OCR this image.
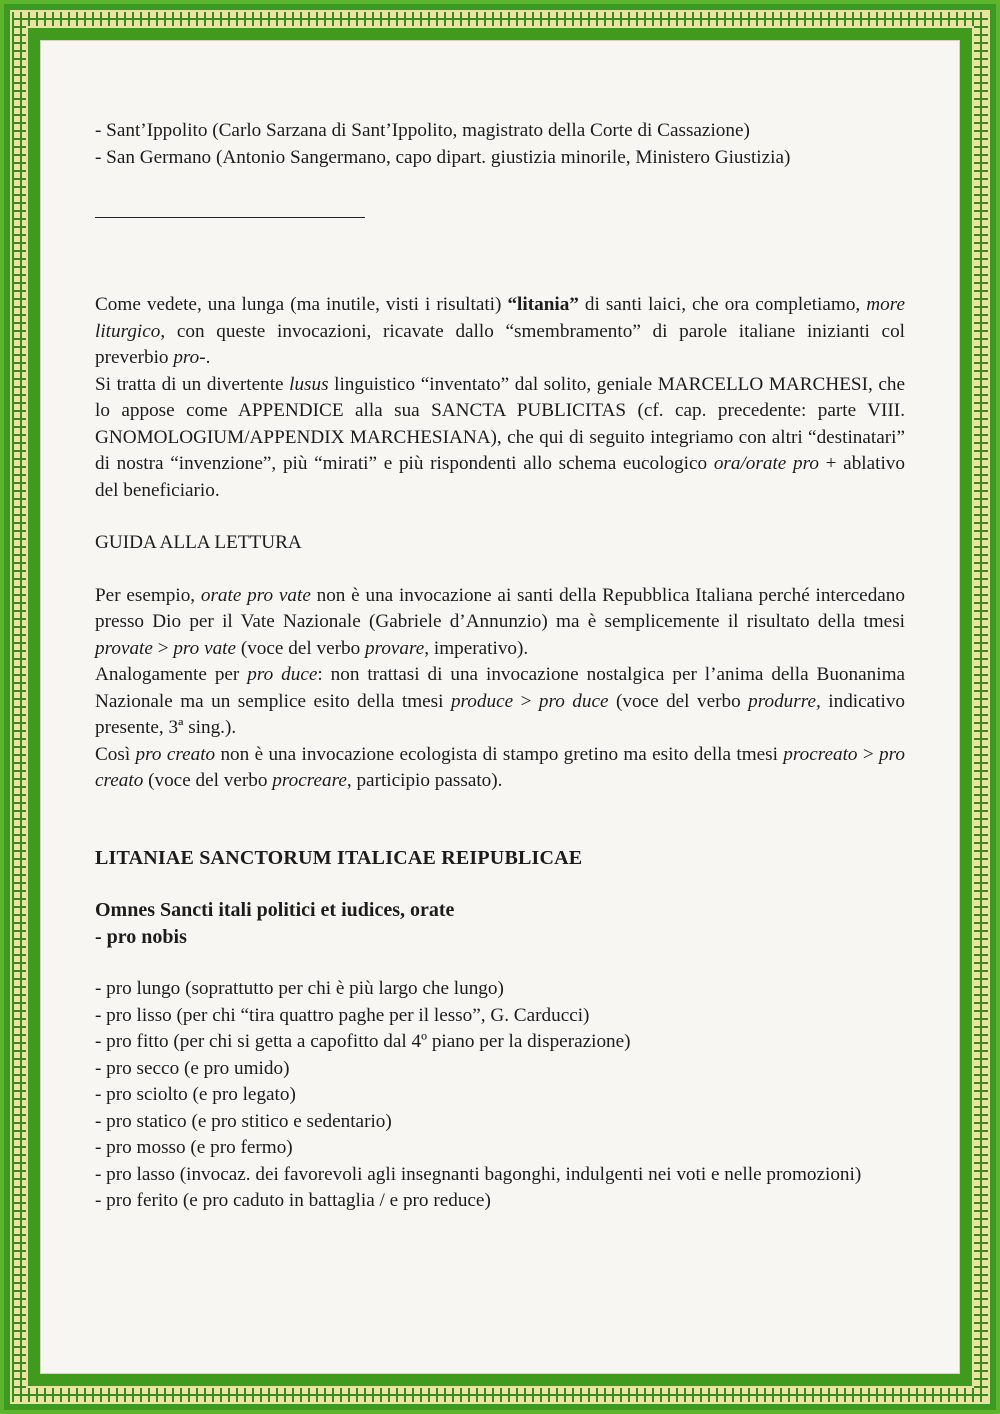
- Sant’Ippolito (Carlo Sarzana di Sant’Ippolito, magistrato della Corte di Cassazione)

- San Germano (Antonio Sangermano, capo dipart. giustizia minorile, Ministero Giustizia)

Come vedete, una lunga (ma inutile, visti i risultati) “litania” di santi laici, che ora completiamo, more liturgico, con queste invocazioni, ricavate dallo “smembramento” di parole italiane inizianti col preverbio pro-.

Si tratta di un divertente lusus linguistico “inventato” dal solito, geniale MARCELLO MARCHESI, che lo appose come APPENDICE alla sua SANCTA PUBLICITAS (cf. cap. precedente: parte VIII. GNOMOLOGIUM/APPENDIX MARCHESIANA), che qui di seguito integriamo con altri “destinatari” di nostra “invenzione”, più “mirati” e più rispondenti allo schema eucologico ora/orate pro + ablativo del beneficiario.

GUIDA ALLA LETTURA

Per esempio, orate pro vate non è una invocazione ai santi della Repubblica Italiana perché intercedano presso Dio per il Vate Nazionale (Gabriele d’Annunzio) ma è semplicemente il risultato della tmesi provate > pro vate (voce del verbo provare, imperativo).

Analogamente per pro duce: non trattasi di una invocazione nostalgica per l’anima della Buonanima Nazionale ma un semplice esito della tmesi produce > pro duce (voce del verbo produrre, indicativo presente, 3ª sing.).

Così pro creato non è una invocazione ecologista di stampo gretino ma esito della tmesi procreato > pro creato (voce del verbo procreare, participio passato).

LITANIAE SANCTORUM ITALICAE REIPUBLICAE

Omnes Sancti itali politici et iudices, orate

- pro nobis

- pro lungo (soprattutto per chi è più largo che lungo)

- pro lisso (per chi “tira quattro paghe per il lesso”, G. Carducci)

- pro fitto (per chi si getta a capofitto dal 4º piano per la disperazione)

- pro secco (e pro umido)

- pro sciolto (e pro legato)

- pro statico (e pro stitico e sedentario)

- pro mosso (e pro fermo)

- pro lasso (invocaz. dei favorevoli agli insegnanti bagonghi, indulgenti nei voti e nelle promozioni)

- pro ferito (e pro caduto in battaglia / e pro reduce)
